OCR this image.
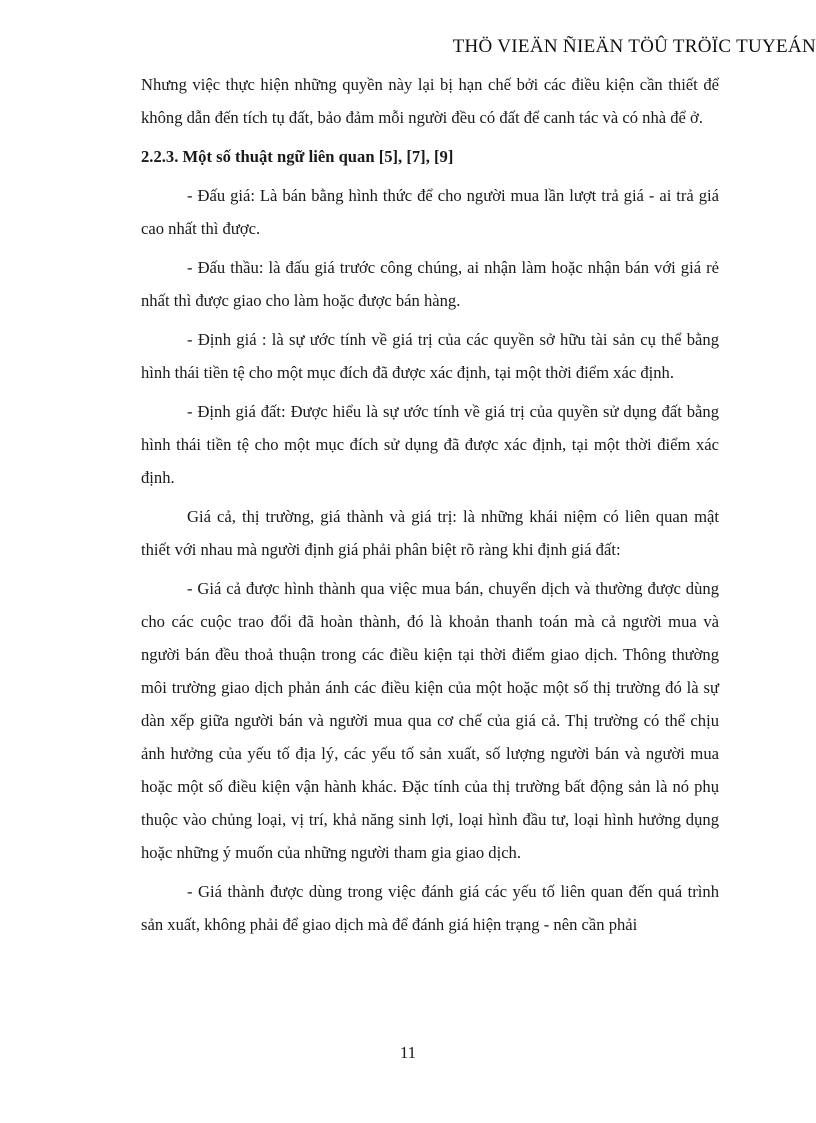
THÖ VIEÄN ÑIEÄN TÖÛ TRÖÏC TUYEÁN

Nhưng việc thực hiện những quyền này lại bị hạn chế bởi các điều kiện cần thiết để không dẫn đến tích tụ đất, bảo đảm mỗi người đều có đất để canh tác và có nhà để ở.

2.2.3. Một số thuật ngữ liên quan [5], [7], [9]

- Đấu giá: Là bán bằng hình thức để cho người mua lần lượt trả giá - ai trả giá cao nhất thì được.

- Đấu thầu: là đấu giá trước công chúng, ai nhận làm hoặc nhận bán với giá rẻ nhất thì được giao cho làm hoặc được bán hàng.

- Định giá : là sự ước tính về giá trị của các quyền sở hữu tài sản cụ thể bằng hình thái tiền tệ cho một mục đích đã được xác định, tại một thời điểm xác định.

- Định giá đất: Được hiểu là sự ước tính về giá trị của quyền sử dụng đất bằng hình thái tiền tệ cho một mục đích sử dụng đã được xác định, tại một thời điểm xác định.

Giá cả, thị trường, giá thành và giá trị: là những khái niệm có liên quan mật thiết với nhau mà người định giá phải phân biệt rõ ràng khi định giá đất:

- Giá cả được hình thành qua việc mua bán, chuyển dịch và thường được dùng cho các cuộc trao đổi đã hoàn thành, đó là khoản thanh toán mà cả người mua và người bán đều thoả thuận trong các điều kiện tại thời điểm giao dịch. Thông thường môi trường giao dịch phản ánh các điều kiện của một hoặc một số thị trường đó là sự dàn xếp giữa người bán và người mua qua cơ chế của giá cả. Thị trường có thể chịu ảnh hưởng của yếu tố địa lý, các yếu tố sản xuất, số lượng người bán và người mua hoặc một số điều kiện vận hành khác. Đặc tính của thị trường bất động sản là nó phụ thuộc vào chủng loại, vị trí, khả năng sinh lợi, loại hình đầu tư, loại hình hưởng dụng hoặc những ý muốn của những người tham gia giao dịch.

- Giá thành được dùng trong việc đánh giá các yếu tố liên quan đến quá trình sản xuất, không phải để giao dịch mà để đánh giá hiện trạng - nên cần phải

11
